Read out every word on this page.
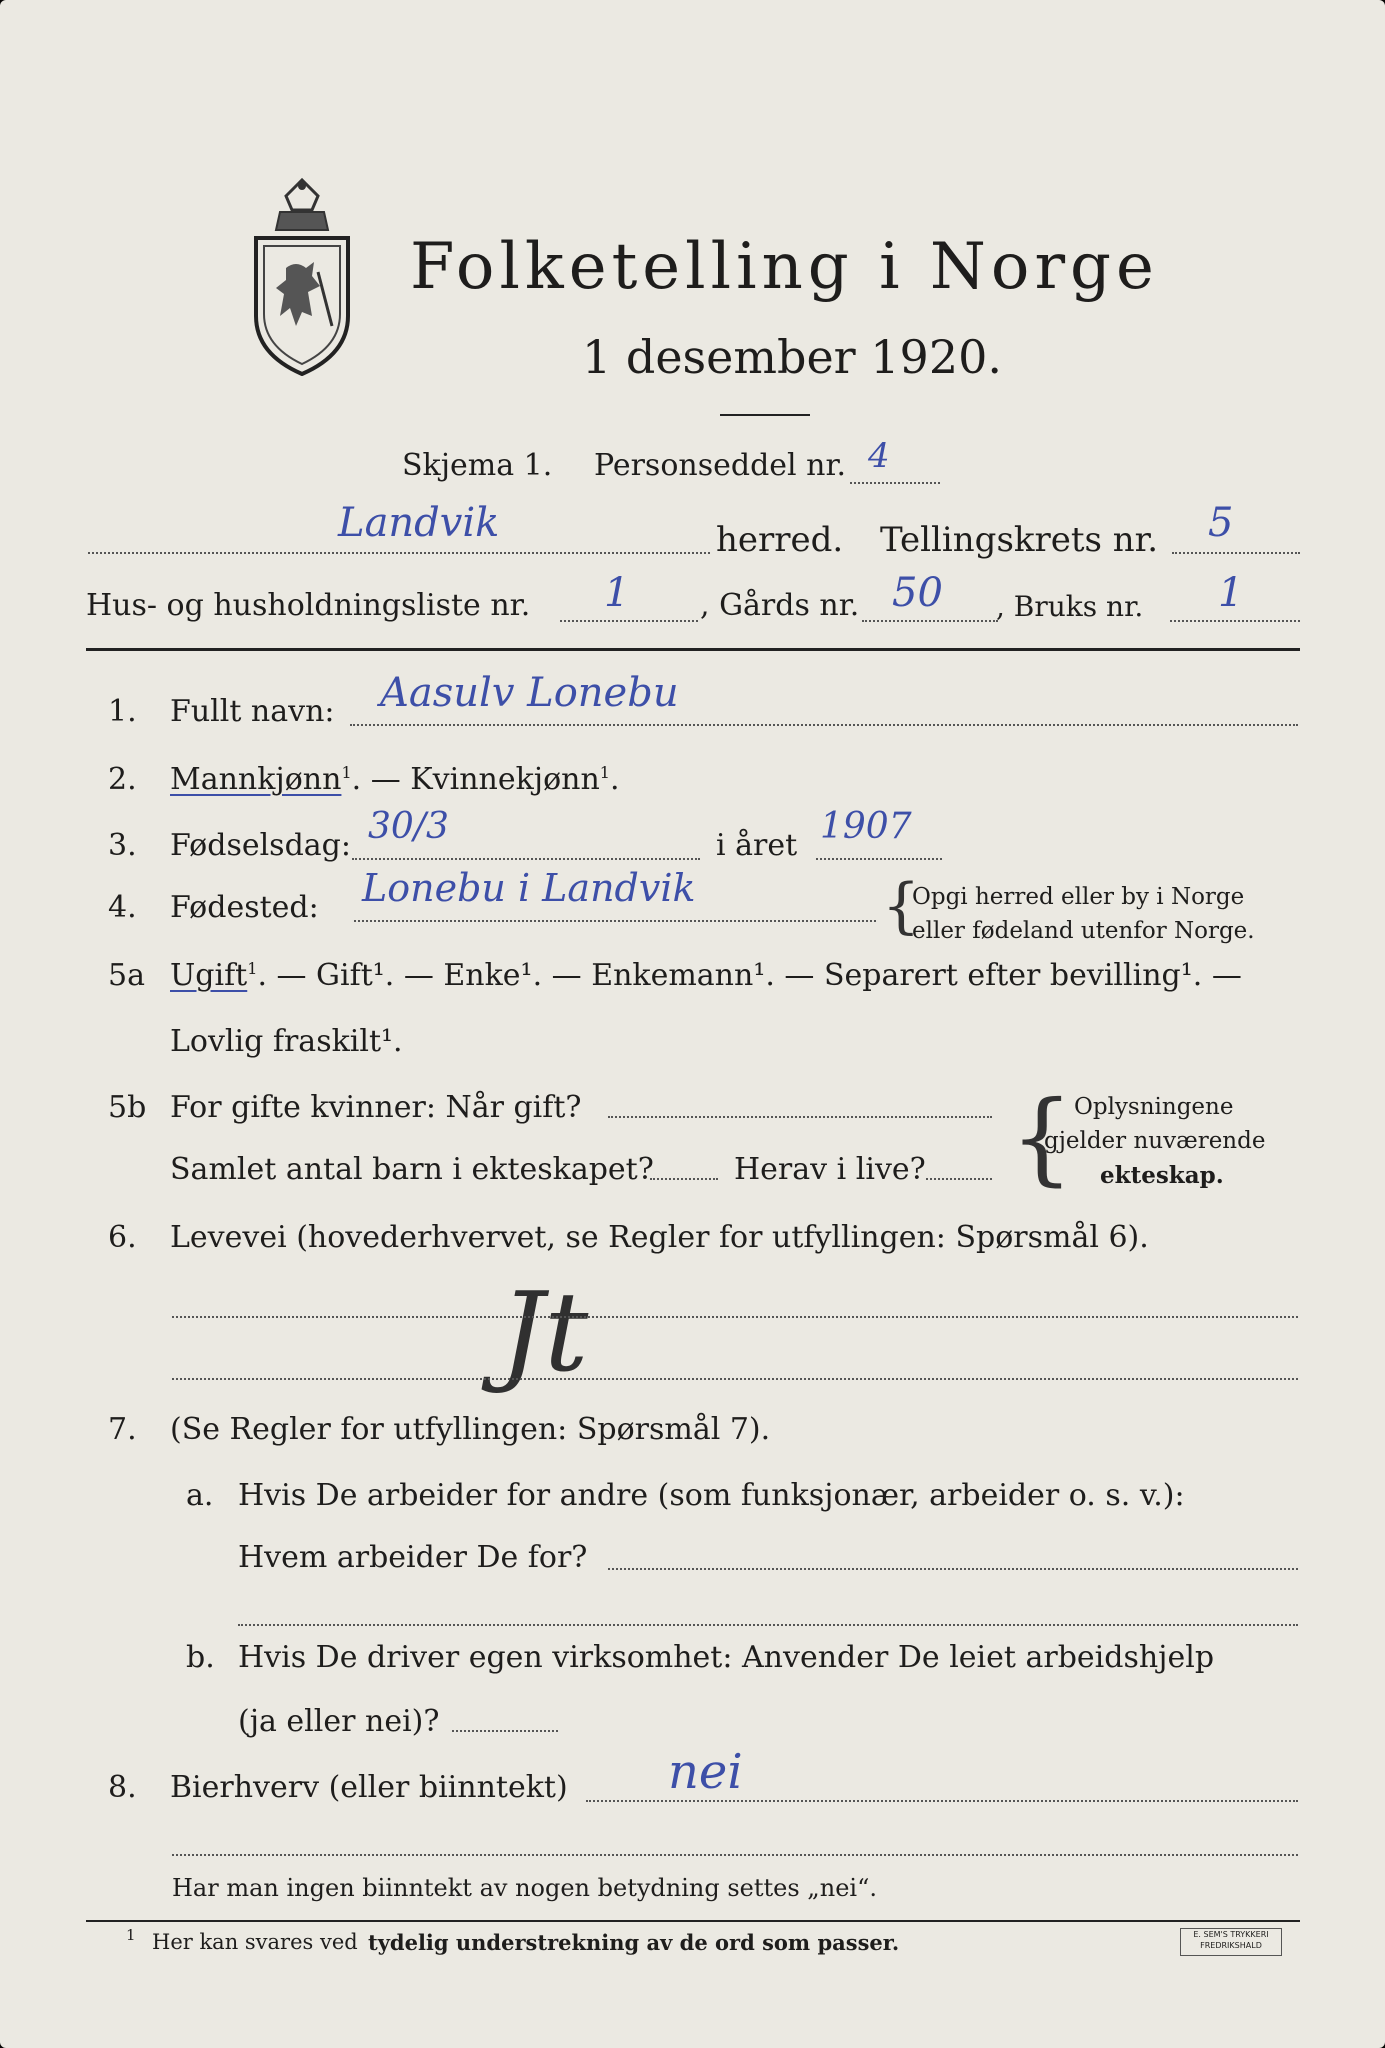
Folketelling i Norge
1 desember 1920.
Skjema 1. Personseddel nr. 4
Landvik	herred. Tellingskrets nr. 5
Hus- og husholdningsliste nr. 1 , Gårds nr. 50 , Bruks nr. 1
1. Fullt navn: Aasulv Lonebu
2. Mannkjønn$^1$. — Kvinnekjønn$^1$.
3. Fødselsdag: 30/3	i året 1907
4. Fødested: Lonebu i Landvik	{
Opgi herred eller by i Norge
eller fødeland utenfor Norge.
5a Ugift$^1$. — Gift¹. — Enke¹. — Enkemann¹. — Separert efter bevilling¹. —
Lovlig fraskilt¹.
5b For gifte kvinner: Når gift?
Samlet antal barn i ekteskapet?	Herav i live? { Oplysningene
gjelder nuværende
ekteskap.
6. Levevei (hovederhvervet, se Regler for utfyllingen: Spørsmål 6).
Jt
7. (Se Regler for utfyllingen: Spørsmål 7).
a. Hvis De arbeider for andre (som funksjonær, arbeider o. s. v.):
Hvem arbeider De for?
b. Hvis De driver egen virksomhet: Anvender De leiet arbeidshjelp
(ja eller nei)?
8. Bierhverv (eller biinntekt) nei
Har man ingen biinntekt av nogen betydning settes „nei“.
1 Her kan svares ved tydelig understrekning av de ord som passer.	E. SEM'S TRYKKERI FREDRIKSHALD
